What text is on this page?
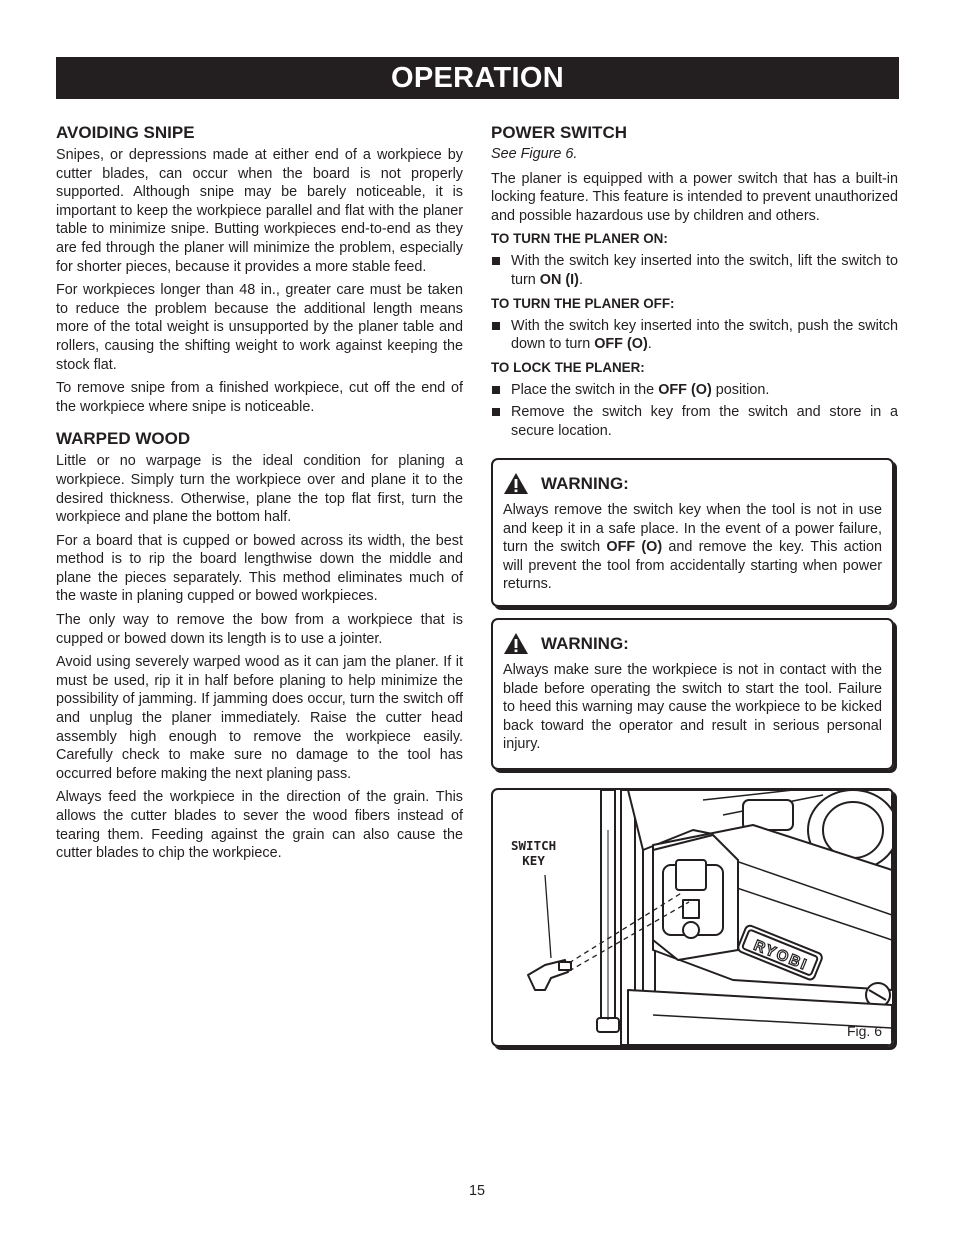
OPERATION
AVOIDING SNIPE

Snipes, or depressions made at either end of a workpiece by cutter blades, can occur when the board is not properly supported. Although snipe may be barely noticeable, it is important to keep the workpiece parallel and flat with the planer table to minimize snipe. Butting workpieces end-to-end as they are fed through the planer will minimize the problem, especially for shorter pieces, because it provides a more stable feed.

For workpieces longer than 48 in., greater care must be taken to reduce the problem because the additional length means more of the total weight is unsupported by the planer table and rollers, causing the shifting weight to work against keeping the stock flat.

To remove snipe from a finished workpiece, cut off the end of the workpiece where snipe is noticeable.

WARPED WOOD

Little or no warpage is the ideal condition for planing a workpiece. Simply turn the workpiece over and plane it to the desired thickness. Otherwise, plane the top flat first, turn the workpiece and plane the bottom half.

For a board that is cupped or bowed across its width, the best method is to rip the board lengthwise down the middle and plane the pieces separately. This method eliminates much of the waste in planing cupped or bowed workpieces.

The only way to remove the bow from a workpiece that is cupped or bowed down its length is to use a jointer.

Avoid using severely warped wood as it can jam the planer. If it must be used, rip it in half before planing to help minimize the possibility of jamming. If jamming does occur, turn the switch off and unplug the planer immediately. Raise the cutter head assembly high enough to remove the workpiece easily. Carefully check to make sure no damage to the tool has occurred before making the next planing pass.

Always feed the workpiece in the direction of the grain. This allows the cutter blades to sever the wood fibers instead of tearing them. Feeding against the grain can also cause the cutter blades to chip the workpiece.

POWER SWITCH

See Figure 6.

The planer is equipped with a power switch that has a built-in locking feature. This feature is intended to prevent unauthorized and possible hazardous use by children and others.

TO TURN THE PLANER ON:
With the switch key inserted into the switch, lift the switch to turn ON (I).
TO TURN THE PLANER OFF:
With the switch key inserted into the switch, push the switch down to turn OFF (O).
TO LOCK THE PLANER:
Place the switch in the OFF (O) position.
Remove the switch key from the switch and store in a secure location.
WARNING:

Always remove the switch key when the tool is not in use and keep it in a safe place. In the event of a power failure, turn the switch OFF (O) and remove the key. This action will prevent the tool from accidentally starting when power returns.

WARNING:

Always make sure the workpiece is not in contact with the blade before operating the switch to start the tool. Failure to heed this warning may cause the workpiece to be kicked back toward the operator and result in serious personal injury.

RYOBI
SWITCH
KEY
Fig. 6
15
